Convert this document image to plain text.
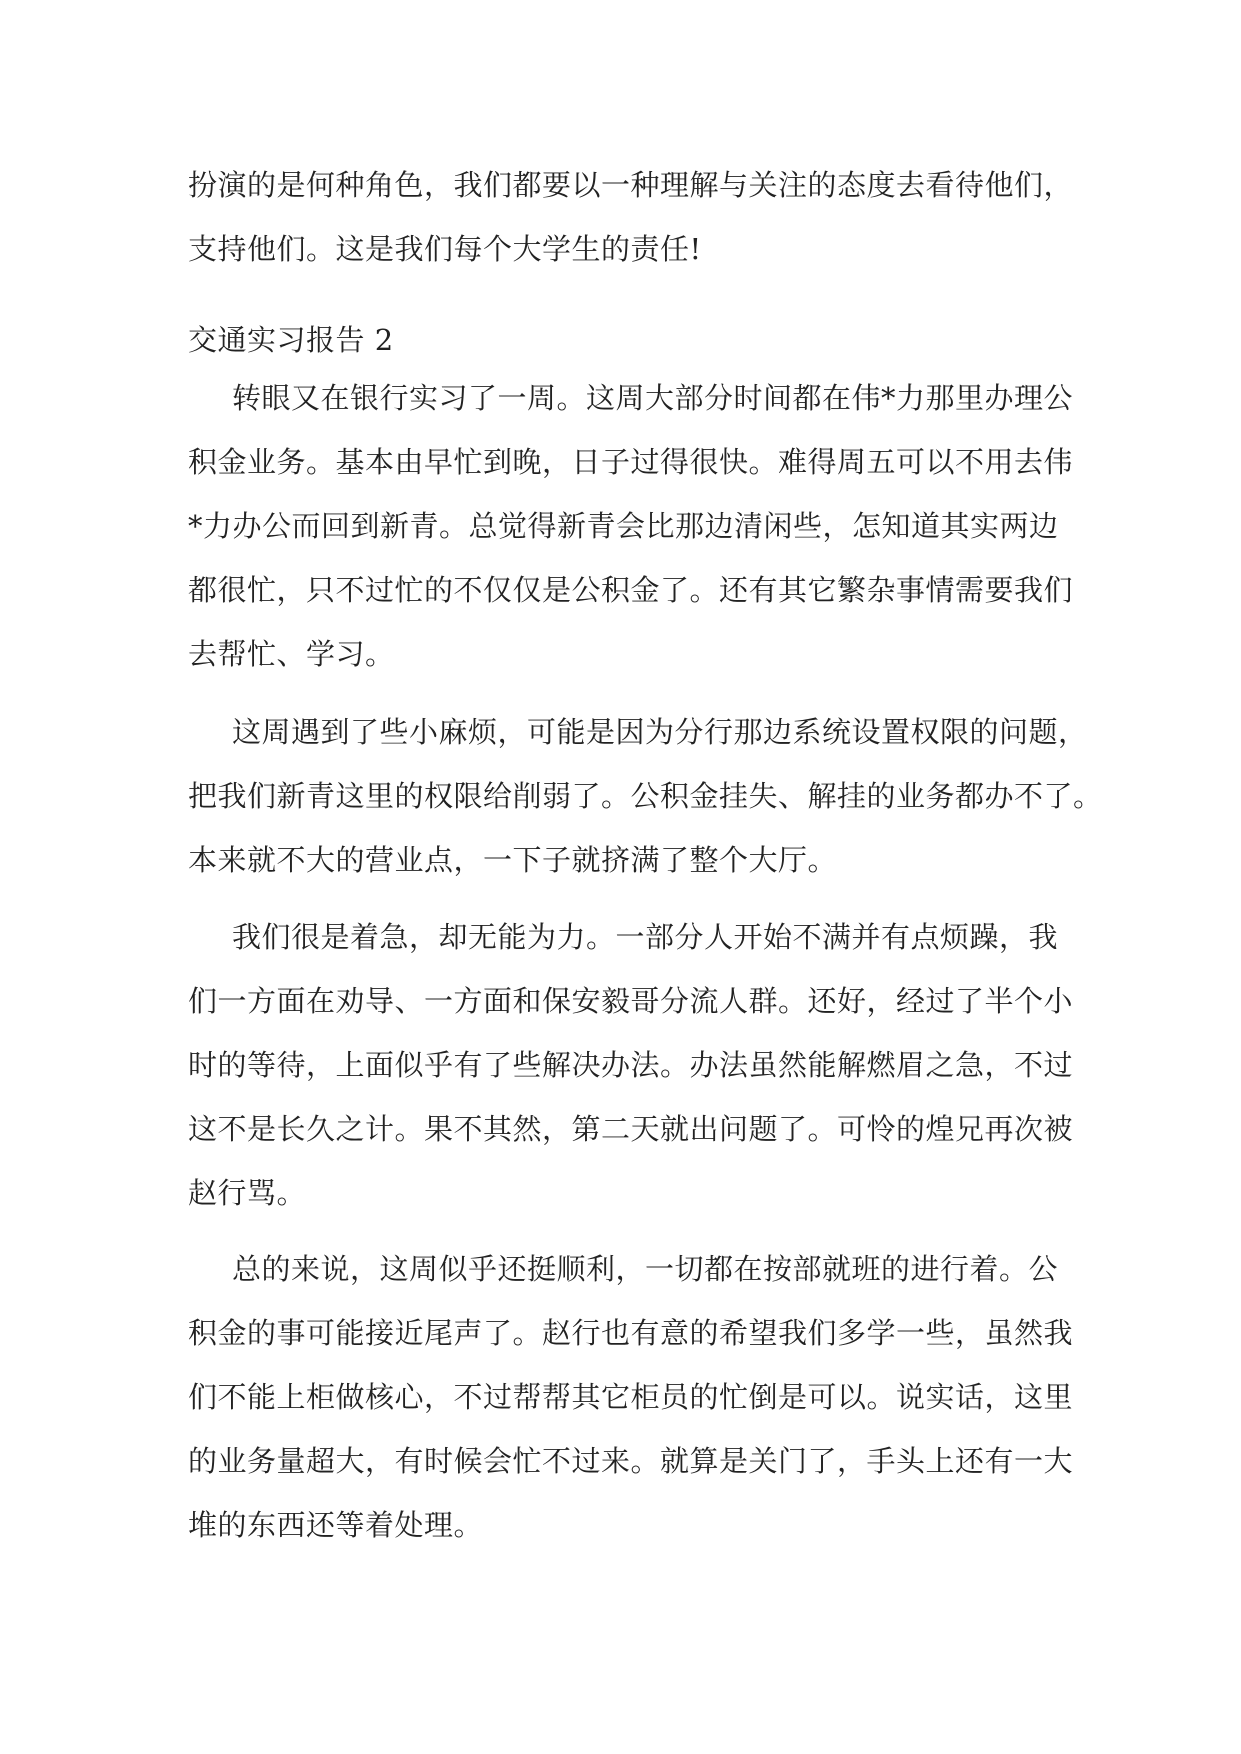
扮演的是何种角色，我们都要以一种理解与关注的态度去看待他们，
支持他们。这是我们每个大学生的责任!
交通实习报告 2
转眼又在银行实习了一周。这周大部分时间都在伟*力那里办理公
积金业务。基本由早忙到晚，日子过得很快。难得周五可以不用去伟
*力办公而回到新青。总觉得新青会比那边清闲些，怎知道其实两边
都很忙，只不过忙的不仅仅是公积金了。还有其它繁杂事情需要我们
去帮忙、学习。
这周遇到了些小麻烦，可能是因为分行那边系统设置权限的问题，
把我们新青这里的权限给削弱了。公积金挂失、解挂的业务都办不了。
本来就不大的营业点，一下子就挤满了整个大厅。
我们很是着急，却无能为力。一部分人开始不满并有点烦躁，我
们一方面在劝导、一方面和保安毅哥分流人群。还好，经过了半个小
时的等待，上面似乎有了些解决办法。办法虽然能解燃眉之急，不过
这不是长久之计。果不其然，第二天就出问题了。可怜的煌兄再次被
赵行骂。
总的来说，这周似乎还挺顺利，一切都在按部就班的进行着。公
积金的事可能接近尾声了。赵行也有意的希望我们多学一些，虽然我
们不能上柜做核心，不过帮帮其它柜员的忙倒是可以。说实话，这里
的业务量超大，有时候会忙不过来。就算是关门了，手头上还有一大
堆的东西还等着处理。
